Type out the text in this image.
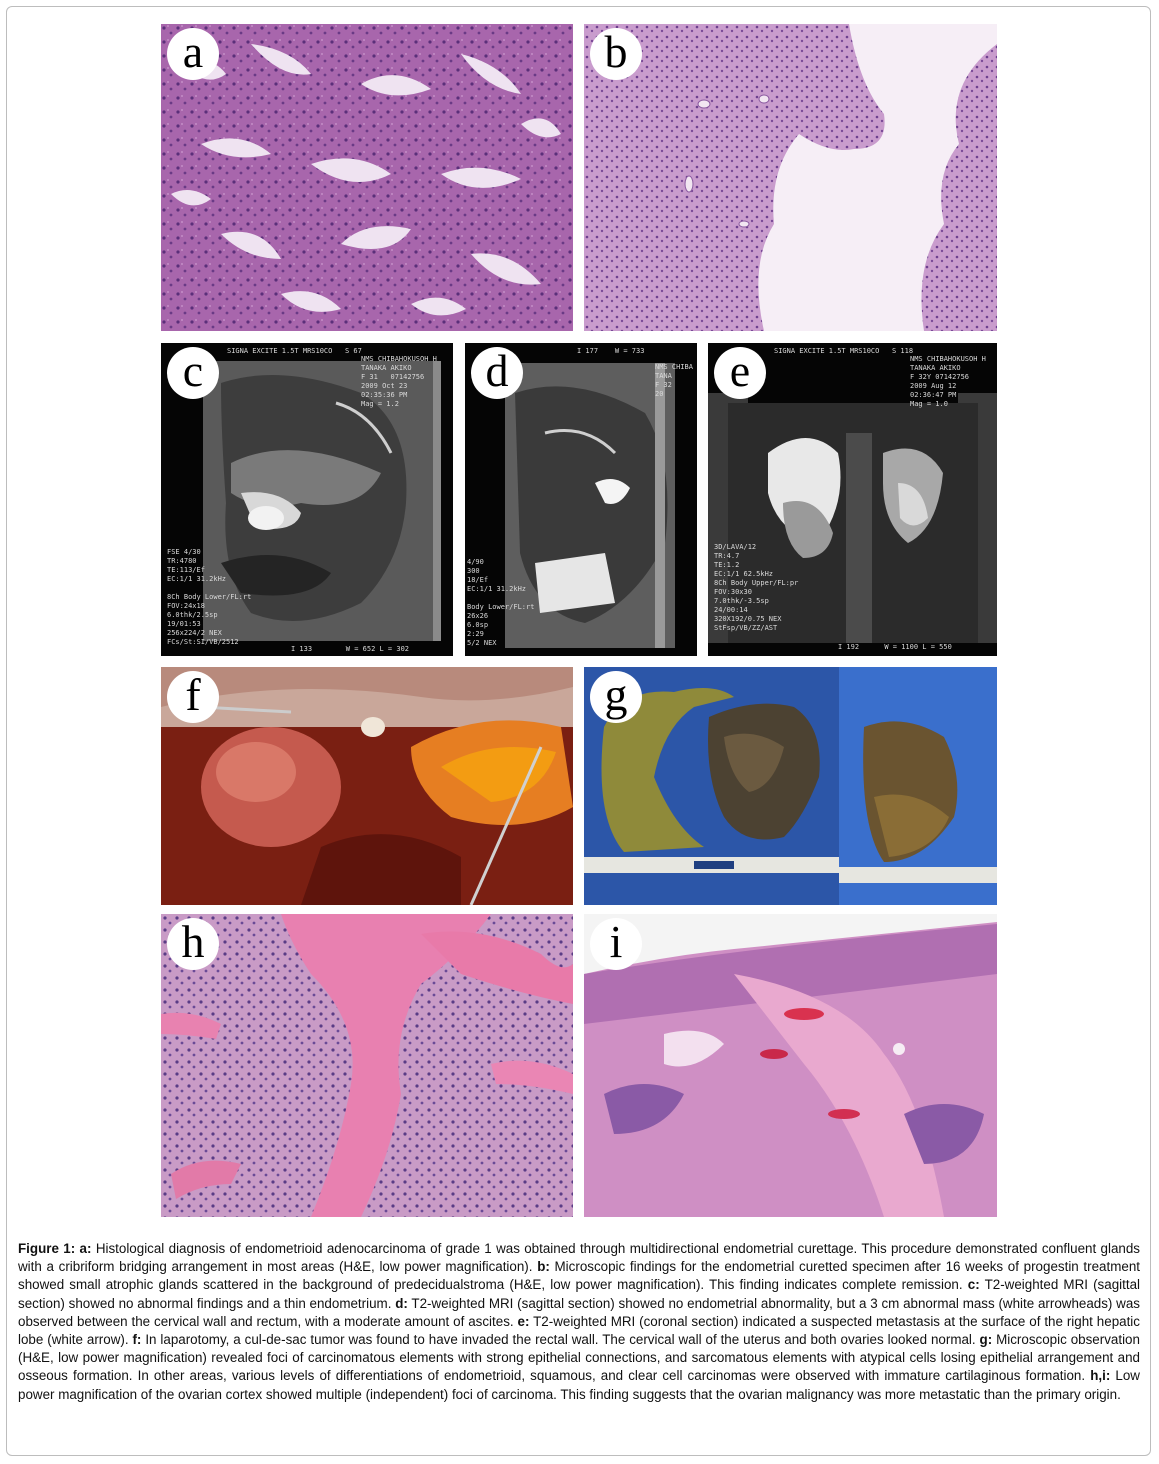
a	b
c	SIGNA EXCITE 1.5T MRS10CO   S 67
NMS CHIBAHOKUSOH H
TANAKA AKIKO
F 31   07142756
2009 Oct 23
02:35:36 PM
Mag = 1.2
FSE 4/30
TR:4780
TE:113/Ef
EC:1/1 31.2kHz

8Ch Body Lower/FL:rt
FOV:24x18
6.0thk/2.5sp
19/01:53
256x224/2 NEX
FCs/St:SI/VB/2512
I 133        W = 652 L = 302
d	I 177    W = 733
NMS CHIBA
TANA
F 32
20
4/90
300
18/Ef
EC:1/1 31.2kHz

Body Lower/FL:rt
26x26
6.0sp
2:29
5/2 NEX
e	SIGNA EXCITE 1.5T MRS10CO   S 118
NMS CHIBAHOKUSOH H
TANAKA AKIKO
F 32Y 07142756
2009 Aug 12
02:36:47 PM
Mag = 1.0
3D/LAVA/12
TR:4.7
TE:1.2
EC:1/1 62.5kHz
8Ch Body Upper/FL:pr
FOV:30x30
7.0thk/-3.5sp
24/00:14
320X192/0.75 NEX
StFsp/VB/ZZ/AST
I 192      W = 1100 L = 550
f	g
h	i
Figure 1: a: Histological diagnosis of endometrioid adenocarcinoma of grade 1 was obtained through multidirectional endometrial curettage. This procedure demonstrated confluent glands with a cribriform bridging arrangement in most areas (H&E, low power magnification). b: Microscopic findings for the endometrial curetted specimen after 16 weeks of progestin treatment showed small atrophic glands scattered in the background of predecidualstroma (H&E, low power magnification). This finding indicates complete remission. c: T2-weighted MRI (sagittal section) showed no abnormal findings and a thin endometrium. d: T2-weighted MRI (sagittal section) showed no endometrial abnormality, but a 3 cm abnormal mass (white arrowheads) was observed between the cervical wall and rectum, with a moderate amount of ascites. e: T2-weighted MRI (coronal section) indicated a suspected metastasis at the surface of the right hepatic lobe (white arrow). f: In laparotomy, a cul-de-sac tumor was found to have invaded the rectal wall. The cervical wall of the uterus and both ovaries looked normal. g: Microscopic observation (H&E, low power magnification) revealed foci of carcinomatous elements with strong epithelial connections, and sarcomatous elements with atypical cells losing epithelial arrangement and osseous formation. In other areas, various levels of differentiations of endometrioid, squamous, and clear cell carcinomas were observed with immature cartilaginous formation. h,i: Low power magnification of the ovarian cortex showed multiple (independent) foci of carcinoma. This finding suggests that the ovarian malignancy was more metastatic than the primary origin.
